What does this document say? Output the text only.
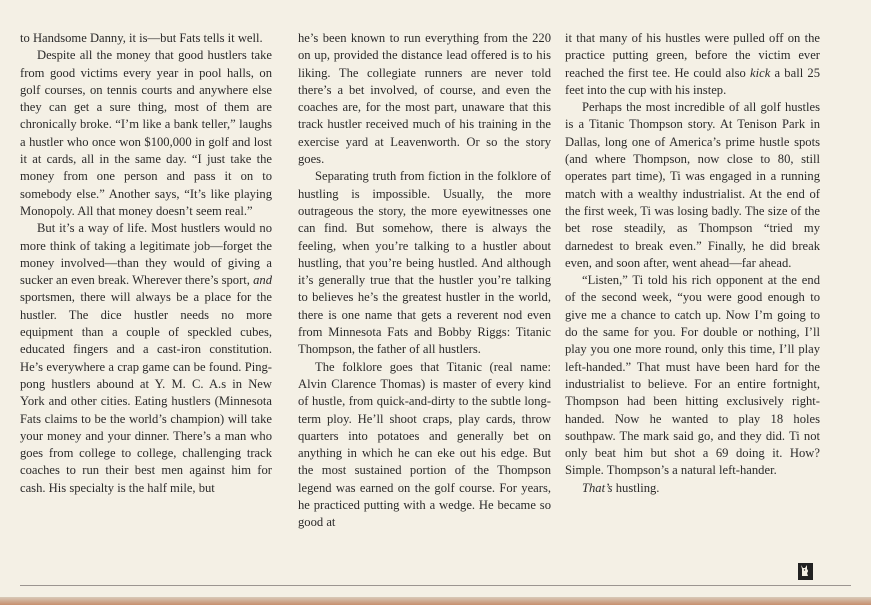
to Handsome Danny, it is—but Fats tells it well.

Despite all the money that good hustlers take from good victims every year in pool halls, on golf courses, on tennis courts and anywhere else they can get a sure thing, most of them are chronically broke. “I’m like a bank teller,” laughs a hustler who once won $100,000 in golf and lost it at cards, all in the same day. “I just take the money from one person and pass it on to somebody else.” Another says, “It’s like playing Monopoly. All that money doesn’t seem real.”

But it’s a way of life. Most hustlers would no more think of taking a legitimate job—forget the money involved—than they would of giving a sucker an even break. Wherever there’s sport, and sportsmen, there will always be a place for the hustler. The dice hustler needs no more equipment than a couple of speckled cubes, educated fingers and a cast-iron constitution. He’s everywhere a crap game can be found. Ping-pong hustlers abound at Y. M. C. A.s in New York and other cities. Eating hustlers (Minnesota Fats claims to be the world’s champion) will take your money and your dinner. There’s a man who goes from college to college, challenging track coaches to run their best men against him for cash. His specialty is the half mile, but

he’s been known to run everything from the 220 on up, provided the distance lead offered is to his liking. The collegiate runners are never told there’s a bet involved, of course, and even the coaches are, for the most part, unaware that this track hustler received much of his training in the exercise yard at Leavenworth. Or so the story goes.

Separating truth from fiction in the folklore of hustling is impossible. Usually, the more outrageous the story, the more eyewitnesses one can find. But somehow, there is always the feeling, when you’re talking to a hustler about hustling, that you’re being hustled. And although it’s generally true that the hustler you’re talking to believes he’s the greatest hustler in the world, there is one name that gets a reverent nod even from Minnesota Fats and Bobby Riggs: Titanic Thompson, the father of all hustlers.

The folklore goes that Titanic (real name: Alvin Clarence Thomas) is master of every kind of hustle, from quick-and-dirty to the subtle long-term ploy. He’ll shoot craps, play cards, throw quarters into potatoes and generally bet on anything in which he can eke out his edge. But the most sustained portion of the Thompson legend was earned on the golf course. For years, he practiced putting with a wedge. He became so good at

it that many of his hustles were pulled off on the practice putting green, before the victim ever reached the first tee. He could also kick a ball 25 feet into the cup with his instep.

Perhaps the most incredible of all golf hustles is a Titanic Thompson story. At Tenison Park in Dallas, long one of America’s prime hustle spots (and where Thompson, now close to 80, still operates part time), Ti was engaged in a running match with a wealthy industrialist. At the end of the first week, Ti was losing badly. The size of the bet rose steadily, as Thompson “tried my darnedest to break even.” Finally, he did break even, and soon after, went ahead—far ahead.

“Listen,” Ti told his rich opponent at the end of the second week, “you were good enough to give me a chance to catch up. Now I’m going to do the same for you. For double or nothing, I’ll play you one more round, only this time, I’ll play left-handed.” That must have been hard for the industrialist to believe. For an entire fortnight, Thompson had been hitting exclusively right-handed. Now he wanted to play 18 holes southpaw. The mark said go, and they did. Ti not only beat him but shot a 69 doing it. How? Simple. Thompson’s a natural left-hander.

That’s hustling.
